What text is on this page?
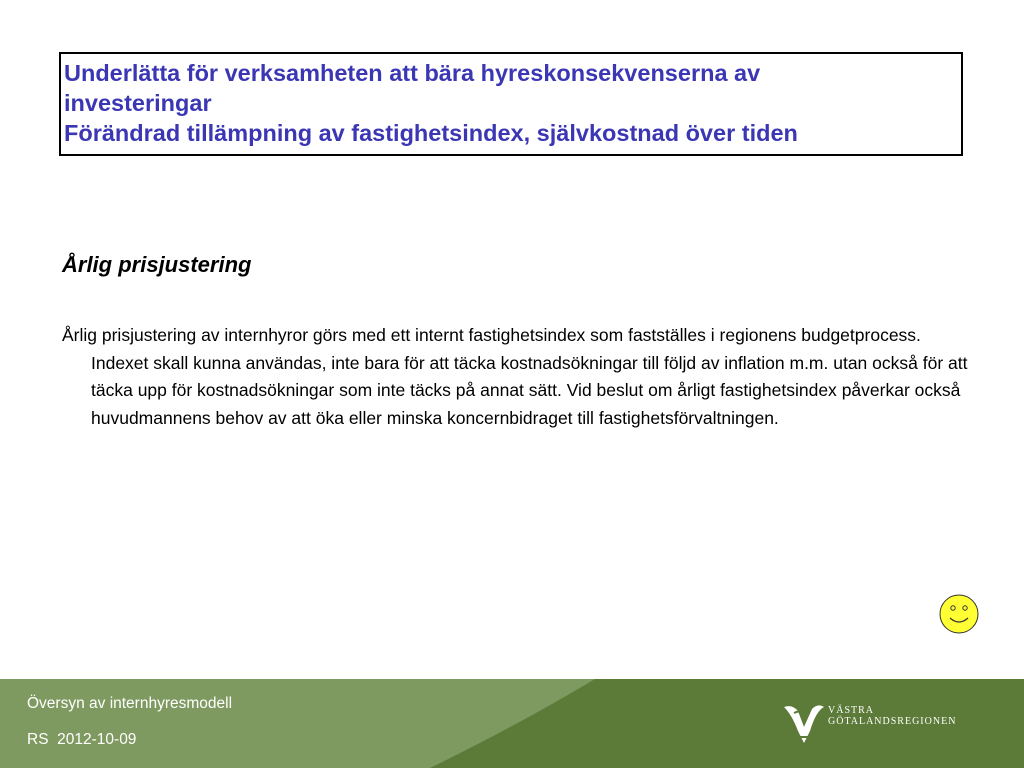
Underlätta för verksamheten att bära hyreskonsekvenserna av
investeringar
Förändrad tillämpning av fastighetsindex, självkostnad över tiden
Årlig prisjustering
Årlig prisjustering av internhyror görs med ett internt fastighetsindex som fastställes i regionens budgetprocess. Indexet skall kunna användas, inte bara för att täcka kostnadsökningar till följd av inflation m.m. utan också för att täcka upp för kostnadsökningar som inte täcks på annat sätt. Vid beslut om årligt fastighetsindex påverkar också huvudmannens behov av att öka eller minska koncernbidraget till fastighetsförvaltningen.
Översyn av internhyresmodell
RS  2012-10-09
VÄSTRA
GÖTALANDSREGIONEN
